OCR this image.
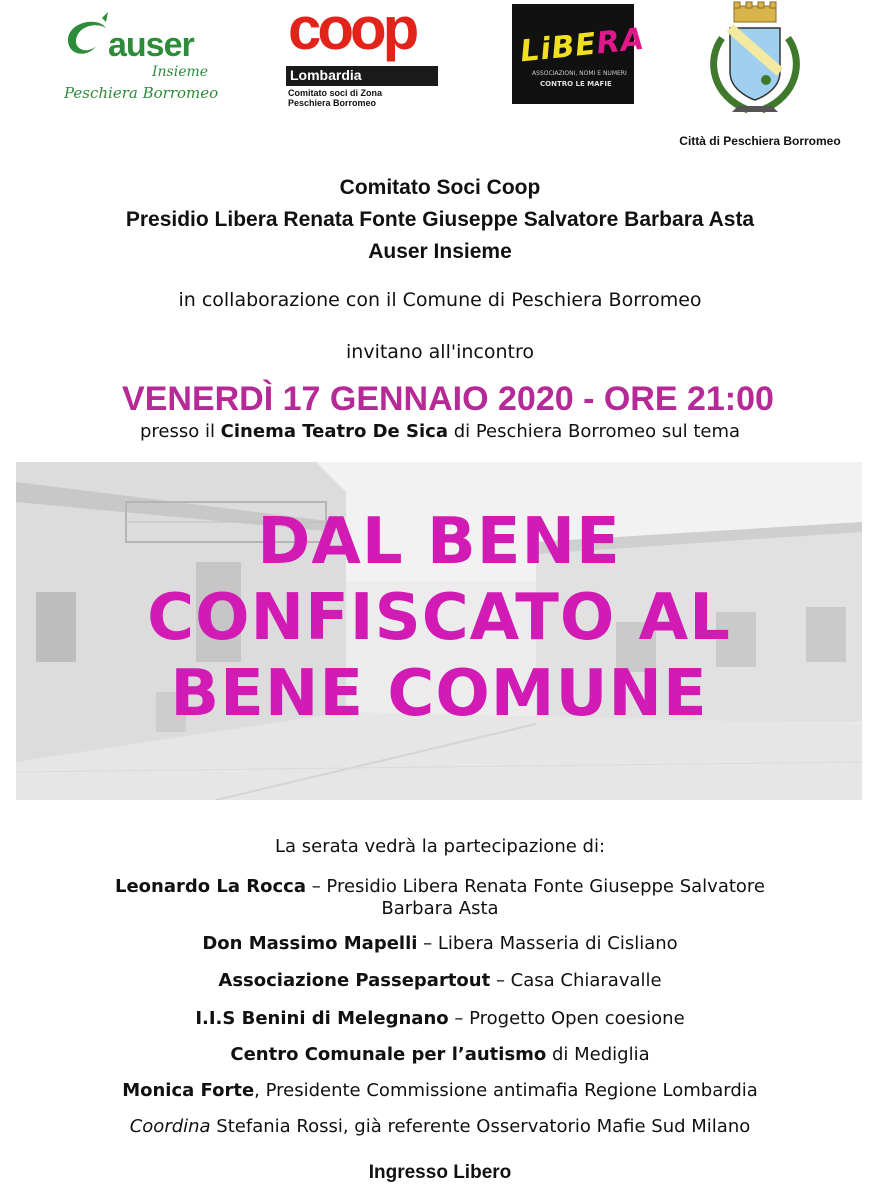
auser
Insieme
Peschiera Borromeo
coop
Lombardia
Comitato soci di Zona
Peschiera Borromeo
LiBERA
ASSOCIAZIONI, NOMI E NUMERI
CONTRO LE MAFIE
Città di Peschiera Borromeo
Comitato Soci Coop
Presidio Libera Renata Fonte Giuseppe Salvatore Barbara Asta
Auser Insieme
in collaborazione con il Comune di Peschiera Borromeo
invitano all'incontro
VENERDÌ 17 GENNAIO 2020 - ORE 21:00
presso il Cinema Teatro De Sica di Peschiera Borromeo sul tema
DAL BENE
CONFISCATO AL
BENE COMUNE
La serata vedrà la partecipazione di:
Leonardo La Rocca – Presidio Libera Renata Fonte Giuseppe Salvatore
Barbara Asta
Don Massimo Mapelli – Libera Masseria di Cisliano
Associazione Passepartout – Casa Chiaravalle
I.I.S Benini di Melegnano – Progetto Open coesione
Centro Comunale per l’autismo di Mediglia
Monica Forte, Presidente Commissione antimafia Regione Lombardia
Coordina Stefania Rossi, già referente Osservatorio Mafie Sud Milano
Ingresso Libero
